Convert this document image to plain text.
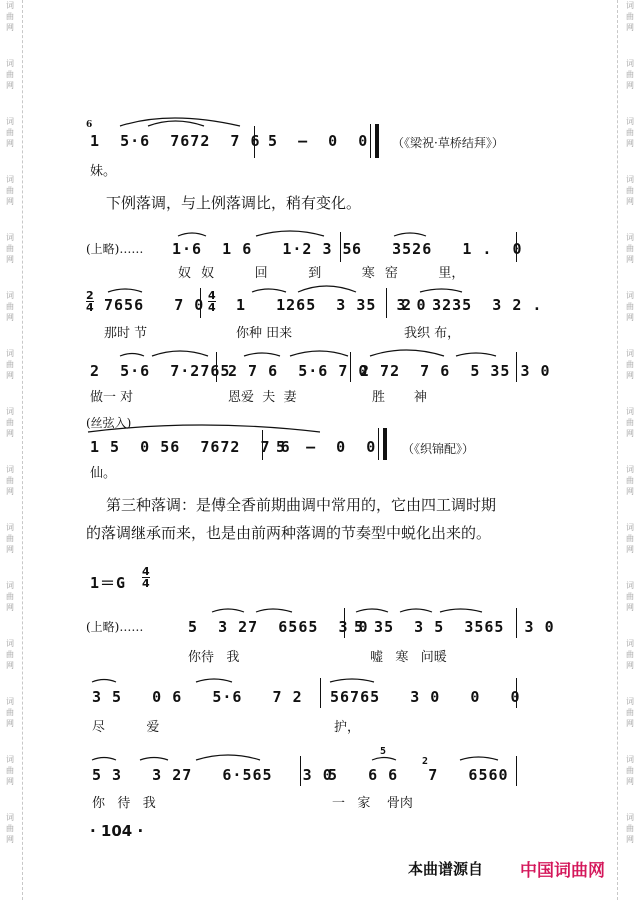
词
曲
网
词
曲
网
词
曲
网
词
曲
网
词
曲
网
词
曲
网
词
曲
网
词
曲
网
词
曲
网
词
曲
网
词
曲
网
词
曲
网
词
曲
网
词
曲
网
词
曲
网
词
曲
网
词
曲
网
词
曲
网
词
曲
网
词
曲
网
词
曲
网
词
曲
网
词
曲
网
词
曲
网
词
曲
网
词
曲
网
词
曲
网
词
曲
网
词
曲
网
词
曲
网
6
1  5·6  7672  7 6 5  –  0  0 （《梁祝·草桥结拜》）
妹。
下例落调，与上例落调比，稍有变化。
(上略)…… 1·6  1 6   1·2 3 5 6   3526   1 .  0
奴 奴    回    到    寒 窑    里，
2
4 7656   7 0
4
4 1   1265  3 35  3 0
2  3235  3 2 .
那时 节	你种 田来	我织 布，
2  5·6  7·2765
2 7 6  5·6 7 0
2 72  7 6  5 35 3 0
做一 对	恩爱  夫  妻	胜       神
(丝弦入)
1 5  0 56  7672  7 6
5  –  0  0 （《织锦配》）
仙。
第三种落调：是傅全香前期曲调中常用的，它由四工调时期
的落调继承而来，也是由前两种落调的节奏型中蜕化出来的。
1＝G
4
4
(上略)……	5  3 27  6565  3 0
5 35  3 5  3565  3 0
你待   我	嘘   寒   问暖
3 5   0 6   5·6   7 2 56765   3 0   0   0
尽          爱	护，
5
2
5 3   3 27   6·565   3 0
5   6 6   7   6560
你   待   我	一   家    骨肉
· 104 ·
本曲谱源自 中国词曲网
